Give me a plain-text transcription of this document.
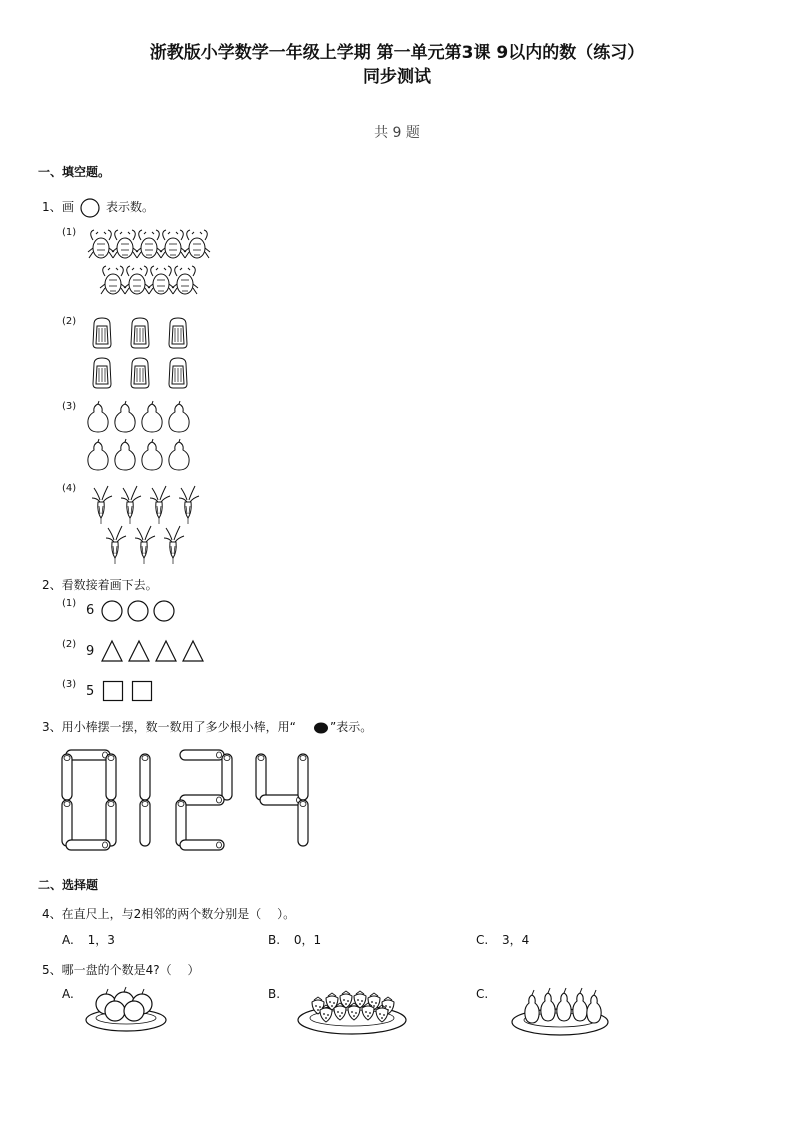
浙教版小学数学一年级上学期 第一单元第3课 9以内的数（练习）
同步测试
共 9 题
一、填空题。
1、 画	表示数。
(1)
(2)
(3)
(4)
2、看数接着画下去。
(1) 6
(2) 9
(3) 5
3、用小棒摆一摆，数一数用了多少根小棒，用“	”表示。
二、选择题
4、在直尺上，与2相邻的两个数分别是（　 ）。
A. 1，3	B. 0，1	C. 3，4
5、哪一盘的个数是4?（　 ）
A.	B.	C.
